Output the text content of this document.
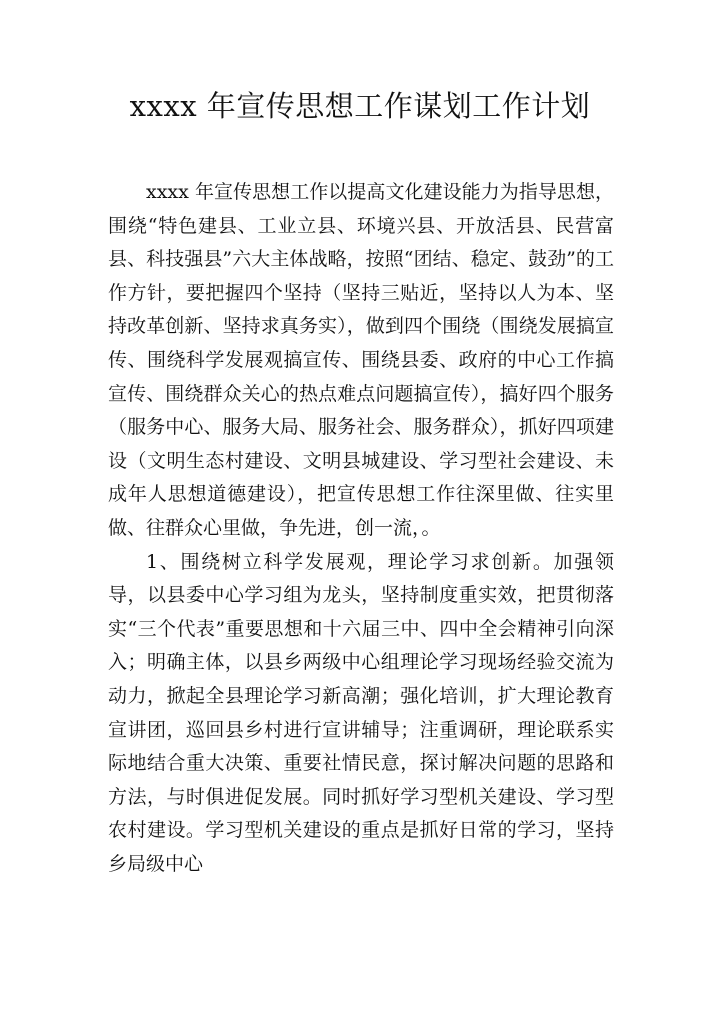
xxxx 年宣传思想工作谋划工作计划

xxxx 年宣传思想工作以提高文化建设能力为指导思想，围绕“特色建县、工业立县、环境兴县、开放活县、民营富县、科技强县”六大主体战略，按照“团结、稳定、鼓劲”的工作方针，要把握四个坚持（坚持三贴近，坚持以人为本、坚持改革创新、坚持求真务实），做到四个围绕（围绕发展搞宣传、围绕科学发展观搞宣传、围绕县委、政府的中心工作搞宣传、围绕群众关心的热点难点问题搞宣传），搞好四个服务（服务中心、服务大局、服务社会、服务群众），抓好四项建设（文明生态村建设、文明县城建设、学习型社会建设、未成年人思想道德建设），把宣传思想工作往深里做、往实里做、往群众心里做，争先进，创一流，。

1、围绕树立科学发展观，理论学习求创新。加强领导，以县委中心学习组为龙头，坚持制度重实效，把贯彻落实“三个代表”重要思想和十六届三中、四中全会精神引向深入；明确主体，以县乡两级中心组理论学习现场经验交流为动力，掀起全县理论学习新高潮；强化培训，扩大理论教育宣讲团，巡回县乡村进行宣讲辅导；注重调研，理论联系实际地结合重大决策、重要社情民意，探讨解决问题的思路和方法，与时俱进促发展。同时抓好学习型机关建设、学习型农村建设。学习型机关建设的重点是抓好日常的学习，坚持乡局级中心
